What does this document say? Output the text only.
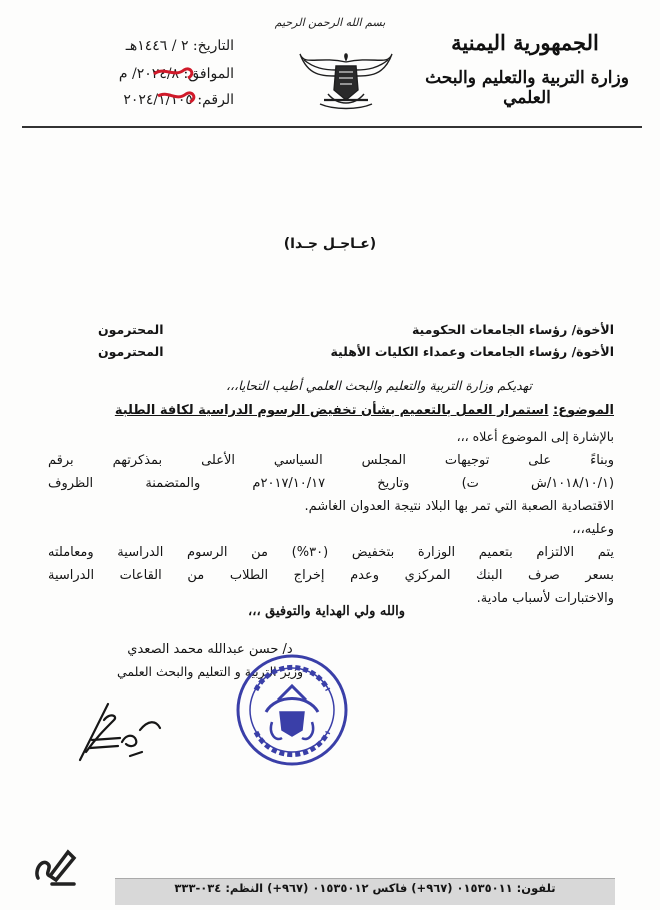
بسم الله الرحمن الرحيم
الجمهورية اليمنية
وزارة التربية والتعليم والبحث العلمي
التاريخ: ٢ / ١٤٤٦هـ
الموافق: ٢٠٢٤/٨/ م
الرقم: ٢٠٢٤/١/١٠٥
(عـاجـل جـدا)
الأخوة/ رؤساء الجامعات الحكومية
المحترمون
الأخوة/ رؤساء الجامعات وعمداء الكليات الأهلية
المحترمون
تهديكم وزارة التربية والتعليم والبحث العلمي أطيب التحايا،،،
الموضوع: استمرار العمل بالتعميم بشأن تخفيض الرسوم الدراسية لكافة الطلبة
بالإشارة إلى الموضوع أعلاه ،،،
وبناءً على توجيهات المجلس السياسي الأعلى بمذكرتهم برقم
(١٠١٨/١٠/١/ش ت) وتاريخ ٢٠١٧/١٠/١٧م والمتضمنة الظروف
الاقتصادية الصعبة التي تمر بها البلاد نتيجة العدوان الغاشم.
وعليه،،،
يتم الالتزام بتعميم الوزارة بتخفيض (٣٠%) من الرسوم الدراسية ومعاملته
بسعر صرف البنك المركزي وعدم إخراج الطلاب من القاعات الدراسية
والاختبارات لأسباب مادية.
والله ولي الهداية والتوفيق ،،،
د/ حسن عبدالله محمد الصعدي
وزير التربية و التعليم والبحث العلمي
تلفون: ٠١٥٣٥٠١١ (٩٦٧+) فاكس ٠١٥٣٥٠١٢ (٩٦٧+) النظم: ٠٣٤-٣٣٣
